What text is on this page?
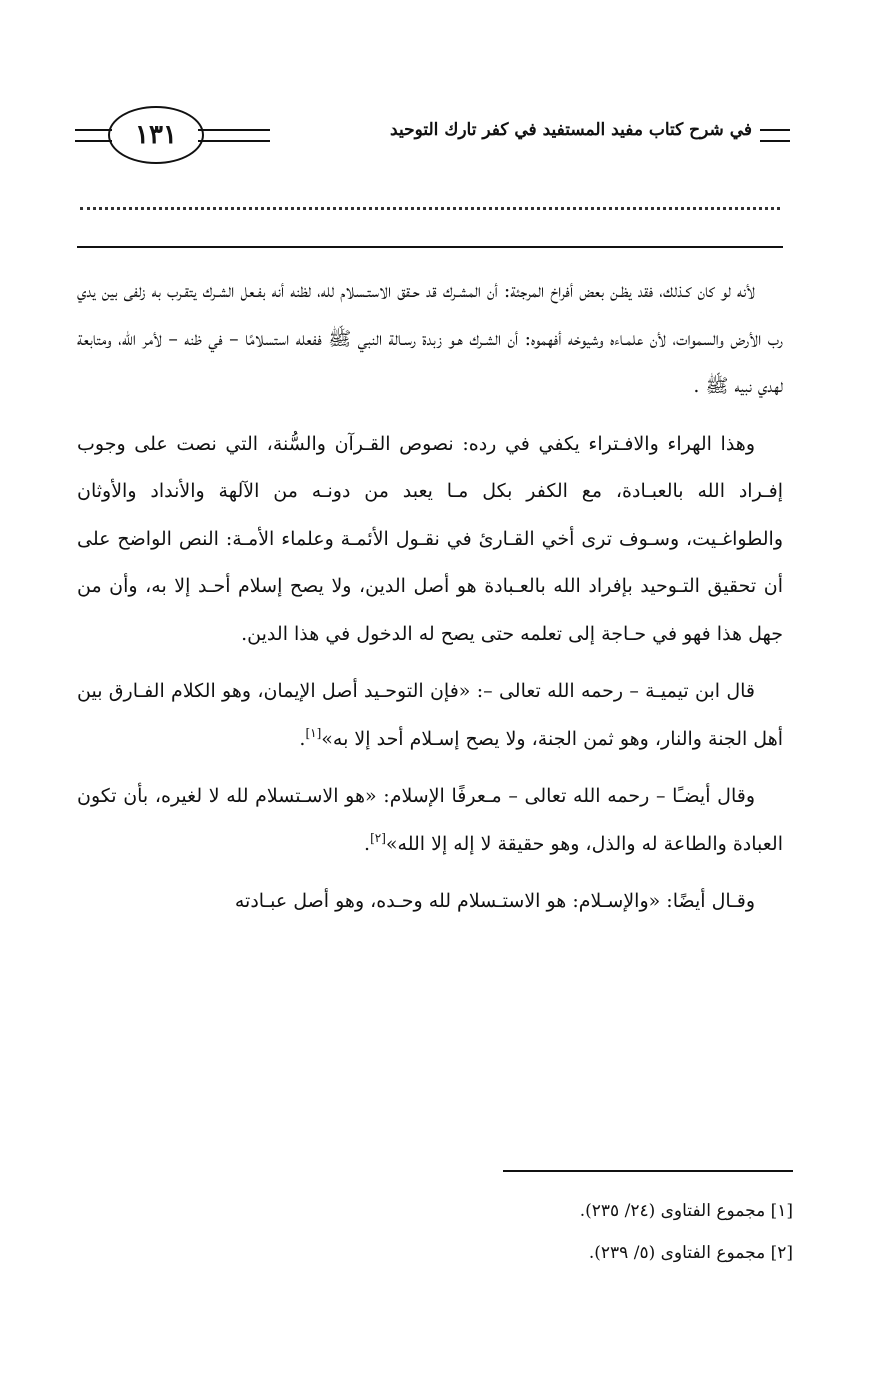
١٣١	في شرح كتاب مفيد المستفيد في كفر تارك التوحيد

لأنه لو كان كـذلك، فقد يظـن بعض أفراخ المرجئة: أن المشـرك قد حـقق الاستـسلام لله، لظنه أنه بفـعل الشـرك يتقـرب به زلفى بين يدي رب الأرض والسموات، لأن علمـاءه وشيوخه أفهموه: أن الشـرك هـو زبدة رسـالة النبي ﷺ ففعله استسلامًا – في ظنه – لأمر الله، ومتابعة لهدي نبيه ﷺ .

وهذا الهراء والافـتراء يكفي في رده: نصوص القـرآن والسُّنة، التي نصت على وجوب إفـراد الله بالعبـادة، مع الكفر بكل مـا يعبد من دونـه من الآلهة والأنداد والأوثان والطواغـيت، وسـوف ترى أخي القـارئ في نقـول الأئمـة وعلماء الأمـة: النص الواضح على أن تحقيق التـوحيد بإفراد الله بالعـبادة هو أصل الدين، ولا يصح إسلام أحـد إلا به، وأن من جهل هذا فهو في حـاجة إلى تعلمه حتى يصح له الدخول في هذا الدين.

قال ابن تيميـة – رحمه الله تعالى –: «فإن التوحـيد أصل الإيمان، وهو الكلام الفـارق بين أهل الجنة والنار، وهو ثمن الجنة، ولا يصح إسـلام أحد إلا به»[١].

وقال أيضـًا – رحمه الله تعالى – مـعرفًا الإسلام: «هو الاسـتسلام لله لا لغيره، بأن تكون العبادة والطاعة له والذل، وهو حقيقة لا إله إلا الله»[٢].

وقـال أيضًا: «والإسـلام: هو الاستـسلام لله وحـده، وهو أصل عبـادته

[١] مجموع الفتاوى (٢٤/ ٢٣٥).

[٢] مجموع الفتاوى (٥/ ٢٣٩).
